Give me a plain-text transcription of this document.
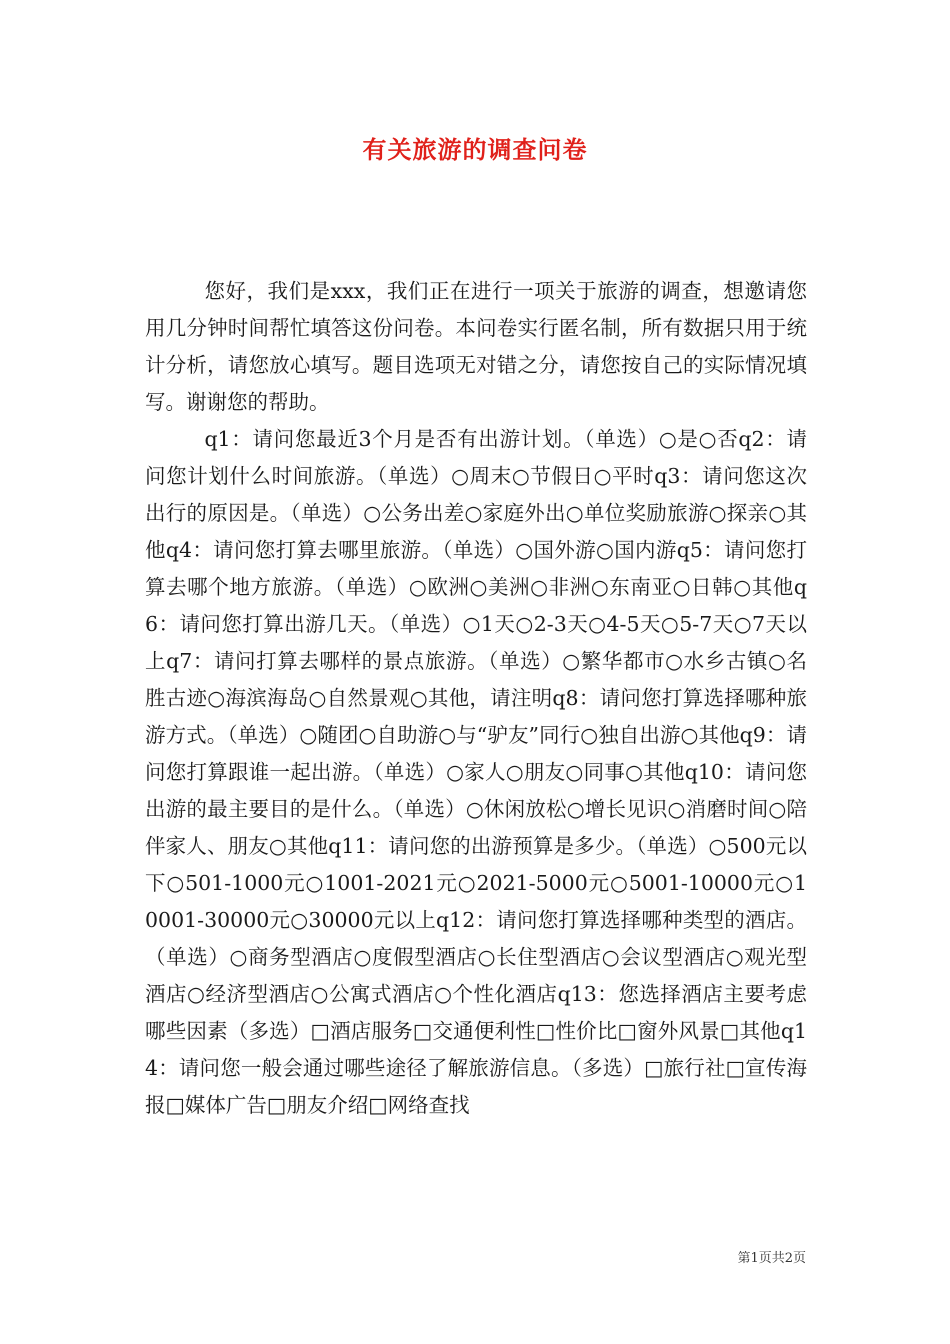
有关旅游的调查问卷

您好，我们是xxx，我们正在进行一项关于旅游的调查，想邀请您用几分钟时间帮忙填答这份问卷。本问卷实行匿名制，所有数据只用于统计分析，请您放心填写。题目选项无对错之分，请您按自己的实际情况填写。谢谢您的帮助。

q1：请问您最近3个月是否有出游计划。（单选）○是○否q2：请问您计划什么时间旅游。（单选）○周末○节假日○平时q3：请问您这次出行的原因是。（单选）○公务出差○家庭外出○单位奖励旅游○探亲○其他q4：请问您打算去哪里旅游。（单选）○国外游○国内游q5：请问您打算去哪个地方旅游。（单选）○欧洲○美洲○非洲○东南亚○日韩○其他q6：请问您打算出游几天。（单选）○1天○2-3天○4-5天○5-7天○7天以上q7：请问打算去哪样的景点旅游。（单选）○繁华都市○水乡古镇○名胜古迹○海滨海岛○自然景观○其他，请注明q8：请问您打算选择哪种旅游方式。（单选）○随团○自助游○与“驴友”同行○独自出游○其他q9：请问您打算跟谁一起出游。（单选）○家人○朋友○同事○其他q10：请问您出游的最主要目的是什么。（单选）○休闲放松○增长见识○消磨时间○陪伴家人、朋友○其他q11：请问您的出游预算是多少。（单选）○500元以下○501-1000元○1001-2021元○2021-5000元○5001-10000元○10001-30000元○30000元以上q12：请问您打算选择哪种类型的酒店。（单选）○商务型酒店○度假型酒店○长住型酒店○会议型酒店○观光型酒店○经济型酒店○公寓式酒店○个性化酒店q13：您选择酒店主要考虑哪些因素（多选）□酒店服务□交通便利性□性价比□窗外风景□其他q14：请问您一般会通过哪些途径了解旅游信息。（多选）□旅行社□宣传海报□媒体广告□朋友介绍□网络查找

第1页共2页
